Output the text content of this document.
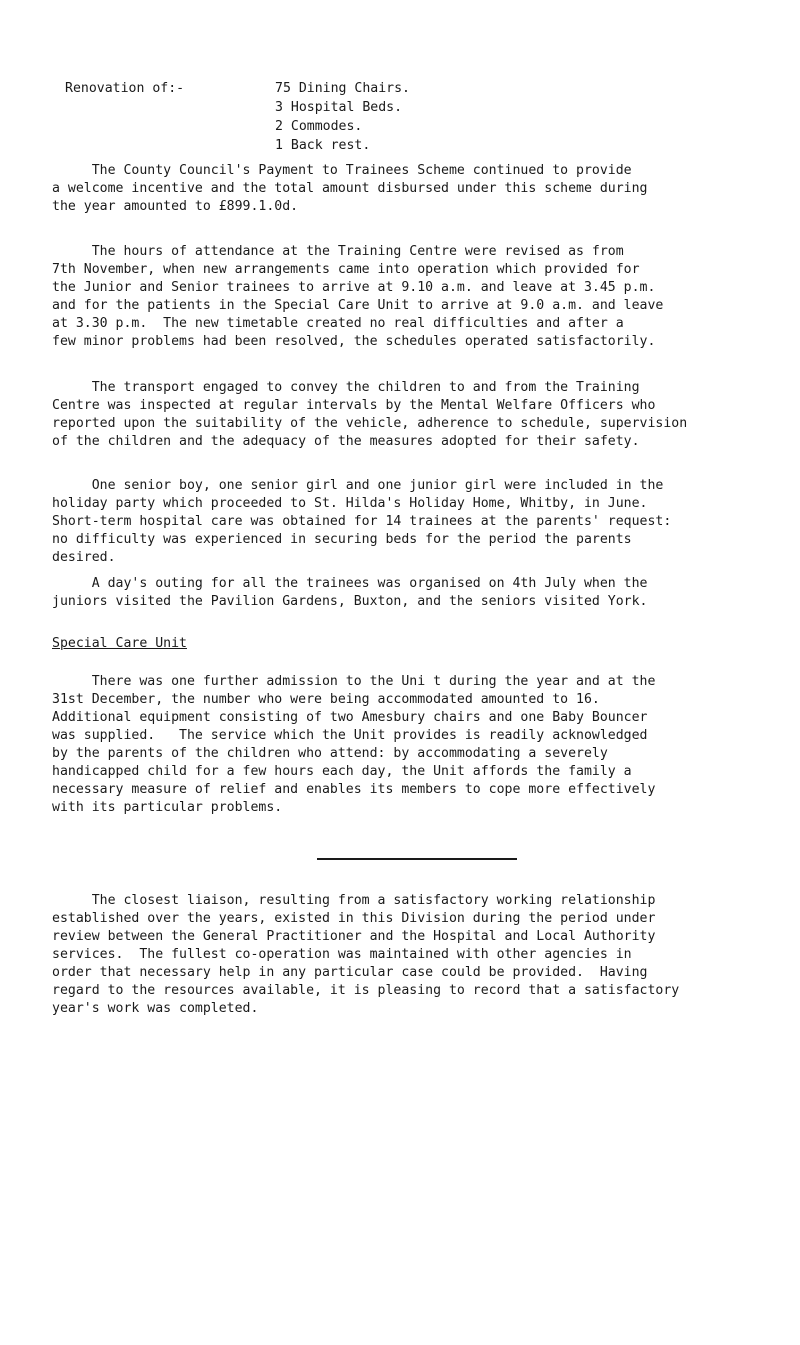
Renovation of:-	75 Dining Chairs.
3 Hospital Beds.
2 Commodes.
1 Back rest.
The County Council's Payment to Trainees Scheme continued to provide
a welcome incentive and the total amount disbursed under this scheme during
the year amounted to £899.1.0d.
The hours of attendance at the Training Centre were revised as from
7th November, when new arrangements came into operation which provided for
the Junior and Senior trainees to arrive at 9.10 a.m. and leave at 3.45 p.m.
and for the patients in the Special Care Unit to arrive at 9.0 a.m. and leave
at 3.30 p.m.  The new timetable created no real difficulties and after a
few minor problems had been resolved, the schedules operated satisfactorily.
The transport engaged to convey the children to and from the Training
Centre was inspected at regular intervals by the Mental Welfare Officers who
reported upon the suitability of the vehicle, adherence to schedule, supervision
of the children and the adequacy of the measures adopted for their safety.
One senior boy, one senior girl and one junior girl were included in the
holiday party which proceeded to St. Hilda's Holiday Home, Whitby, in June.
Short-term hospital care was obtained for 14 trainees at the parents' request:
no difficulty was experienced in securing beds for the period the parents
desired.
A day's outing for all the trainees was organised on 4th July when the
juniors visited the Pavilion Gardens, Buxton, and the seniors visited York.
Special Care Unit
There was one further admission to the Uni t during the year and at the
31st December, the number who were being accommodated amounted to 16.
Additional equipment consisting of two Amesbury chairs and one Baby Bouncer
was supplied.   The service which the Unit provides is readily acknowledged
by the parents of the children who attend: by accommodating a severely
handicapped child for a few hours each day, the Unit affords the family a
necessary measure of relief and enables its members to cope more effectively
with its particular problems.
The closest liaison, resulting from a satisfactory working relationship
established over the years, existed in this Division during the period under
review between the General Practitioner and the Hospital and Local Authority
services.  The fullest co-operation was maintained with other agencies in
order that necessary help in any particular case could be provided.  Having
regard to the resources available, it is pleasing to record that a satisfactory
year's work was completed.
